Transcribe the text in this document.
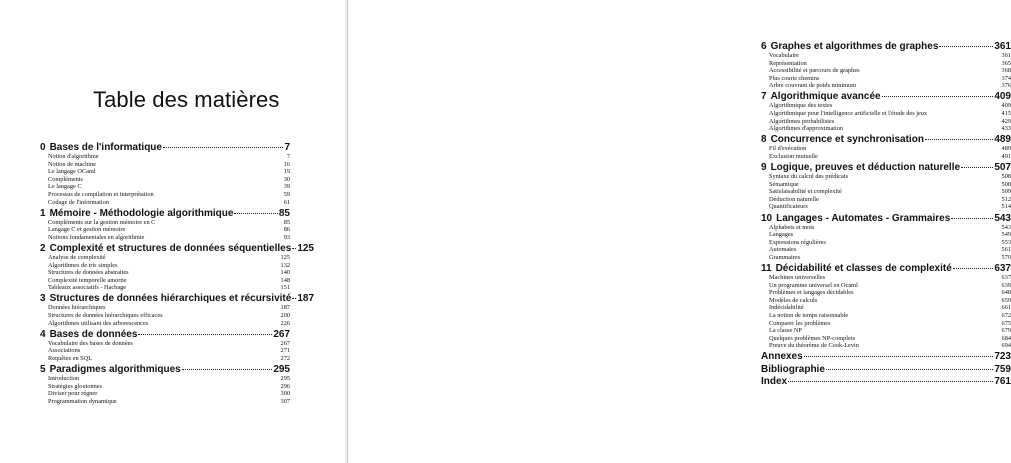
Table des matières
0 Bases de l'informatique	7
Notion d'algorithme	7
Notion de machine	16
Le langage OCaml	19
Compléments	30
Le langage C	39
Processus de compilation et interprétation	59
Codage de l'information	61
1 Mémoire - Méthodologie algorithmique	85
Compléments sur la gestion mémoire en C	85
Langage C et gestion mémoire	86
Notions fondamentales en algorithmie	93
2 Complexité et structures de données séquentielles 125
Analyse de complexité	125
Algorithmes de tris simples	132
Structures de données abstraites	140
Complexité temporelle amortie	148
Tableaux associatifs - Hachage	151
3 Structures de données hiérarchiques et récursivité 187
Données hiérarchiques	187
Structures de données hiérarchiques efficaces	200
Algorithmes utilisant des arborescences	226
4 Bases de données	267
Vocabulaire des bases de données	267
Associations	271
Requêtes en SQL	272
5 Paradigmes algorithmiques	295
Introduction	295
Stratégies gloutonnes	296
Diviser pour régner	300
Programmation dynamique	307
6 Graphes et algorithmes de graphes	361
Vocabulaire	361
Représentation	365
Accessibilité et parcours de graphes	368
Plus courts chemins	374
Arbre couvrant de poids minimum	376
7 Algorithmique avancée	409
Algorithmique des textes	409
Algorithmique pour l'intelligence artificielle et l'étude des jeux	415
Algorithmes probabilistes	429
Algorithmes d'approximation	433
8 Concurrence et synchronisation	489
Fil d'exécution	489
Exclusion mutuelle	491
9 Logique, preuves et déduction naturelle	507
Syntaxe du calcul des prédicats	508
Sémantique	508
Satisfaisabilité et complexité	509
Déduction naturelle	512
Quantificateurs	514
10 Langages - Automates - Grammaires	543
Alphabets et mots	543
Langages	549
Expressions régulières	553
Automates	561
Grammaires	579
11 Décidabilité et classes de complexité	637
Machines universelles	637
Un programme universel en Ocaml	639
Problèmes et langages décidables	648
Modèles de calculs	659
Indécidabilité	661
La notion de temps raisonnable	672
Comparer les problèmes	675
La classe NP	679
Quelques problèmes NP-complets	684
Preuve du théorème de Cook-Levin	694
Annexes	723
Bibliographie	759
Index	761
